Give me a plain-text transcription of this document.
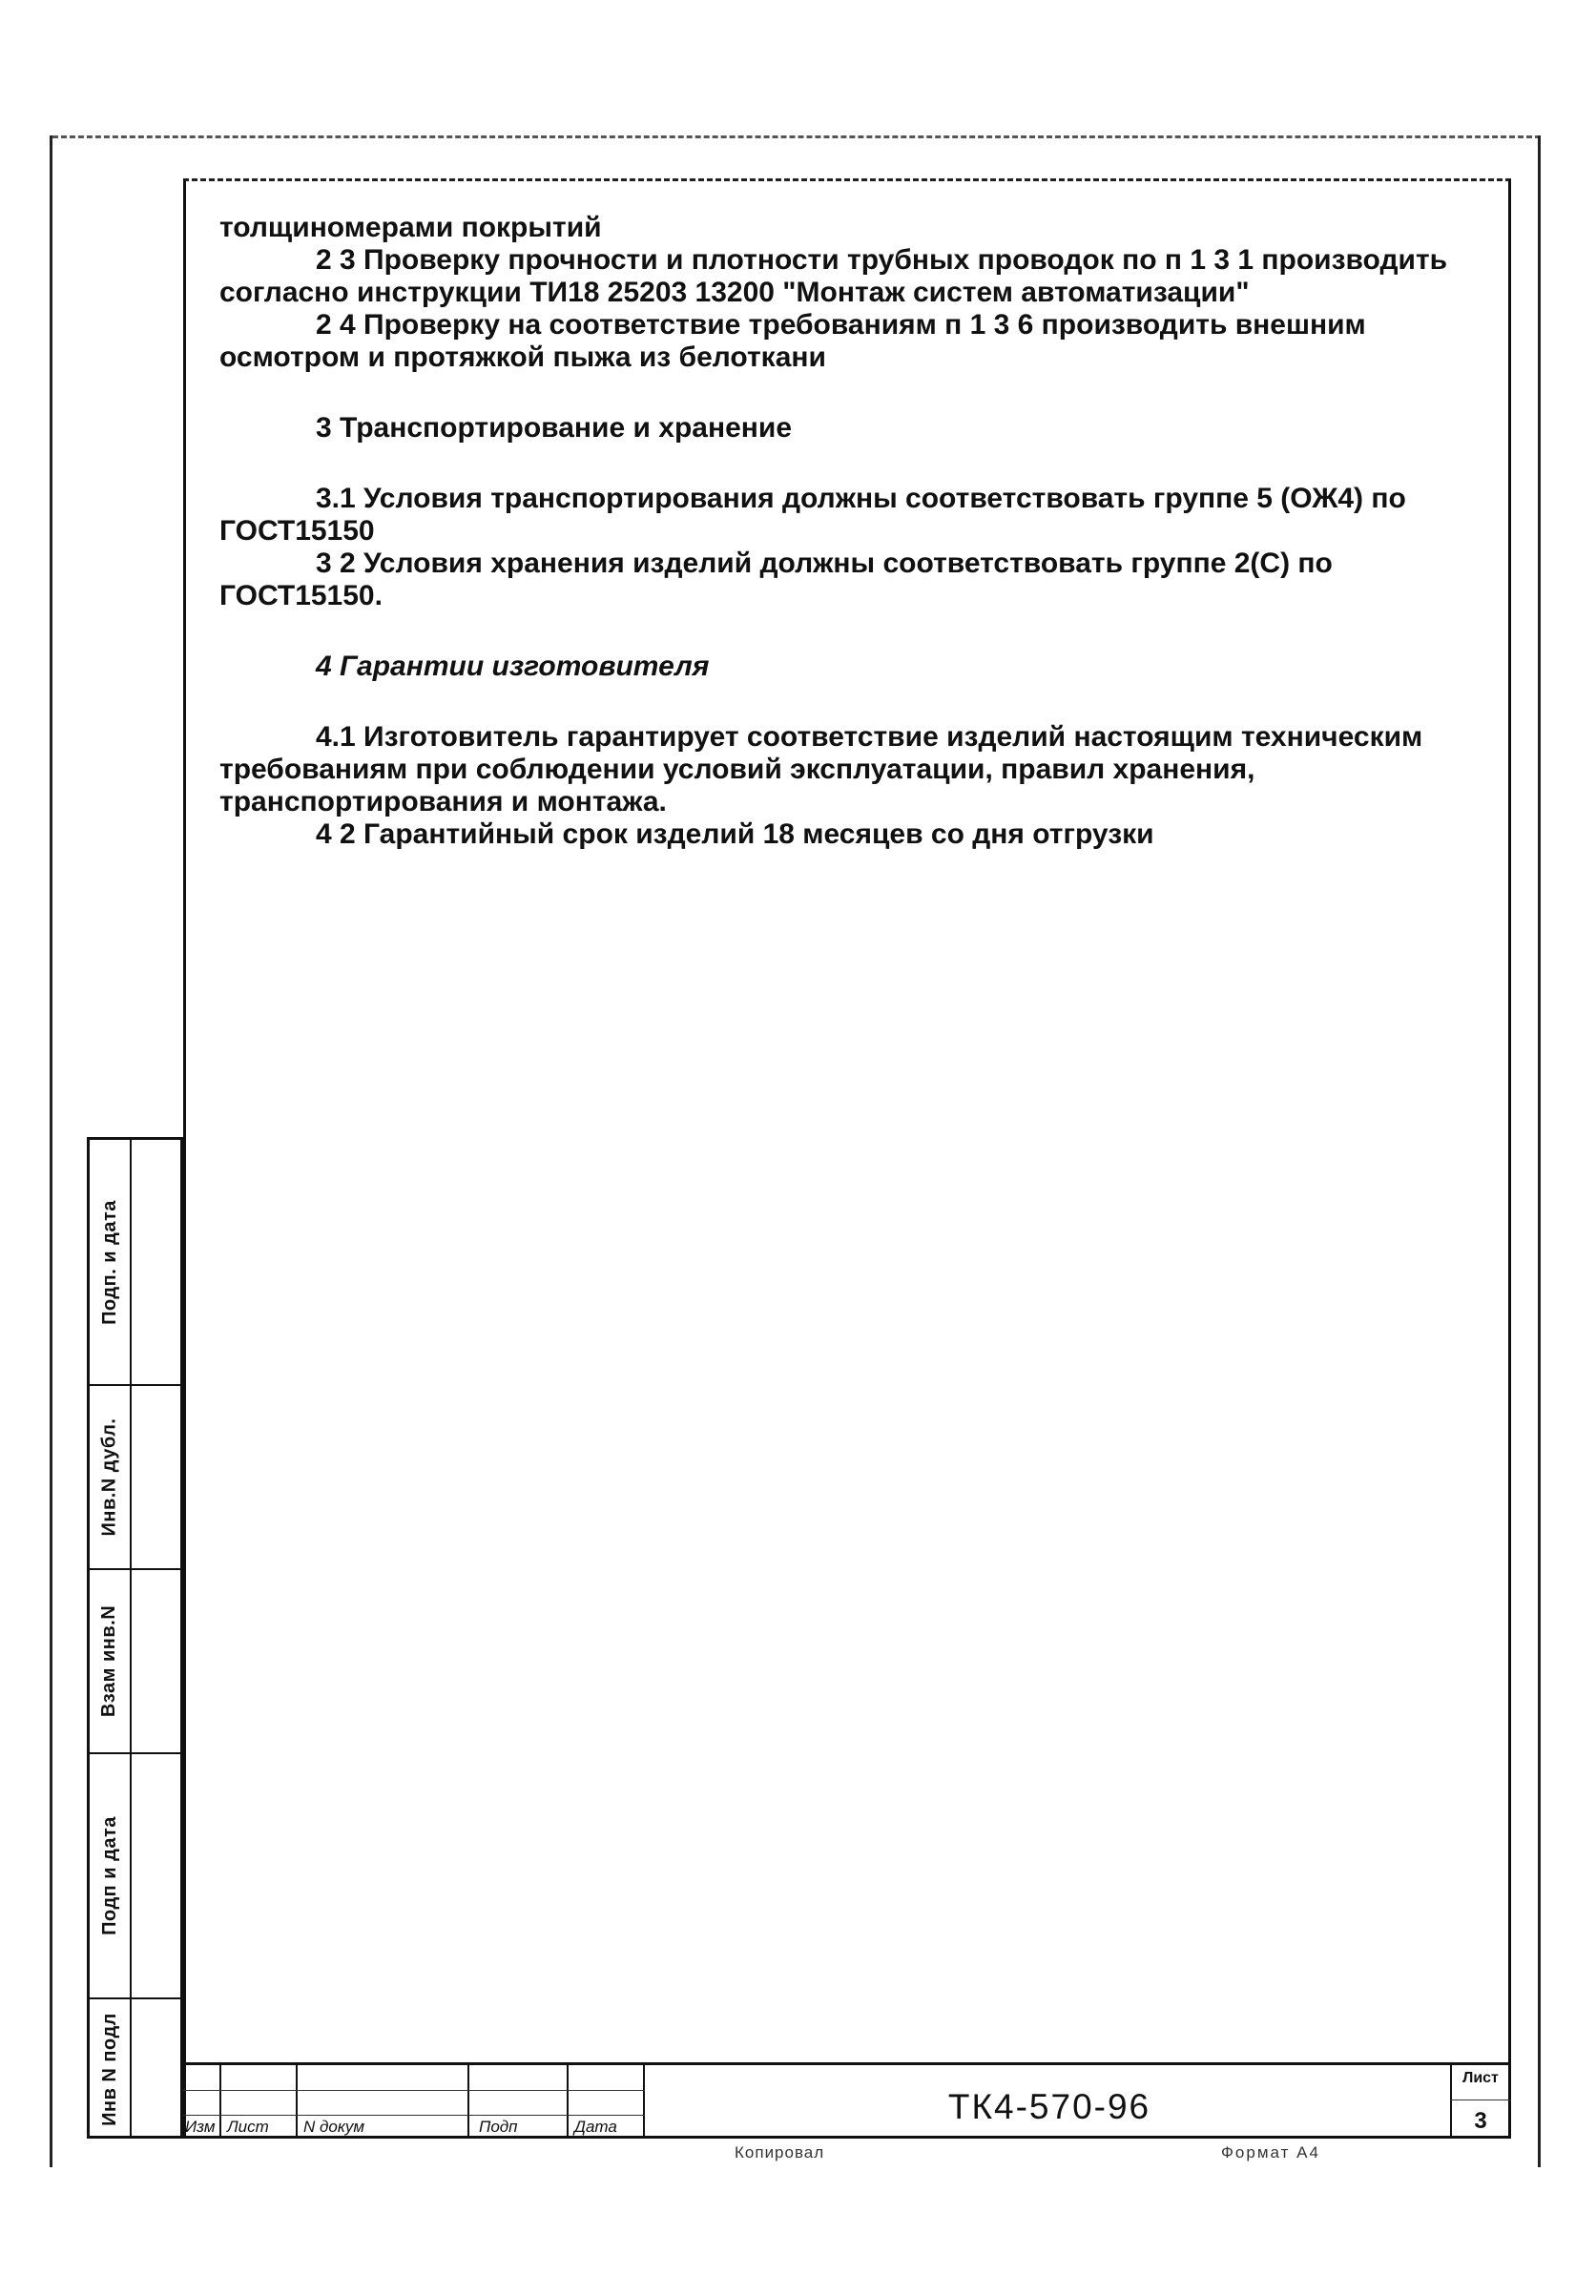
толщиномерами покрытий

2 3 Проверку прочности и плотности трубных проводок по п 1 3 1 производить согласно инструкции ТИ18 25203 13200 "Монтаж систем автоматизации"

2 4 Проверку на соответствие требованиям п 1 3 6 производить внешним осмотром и протяжкой пыжа из белоткани

3 Транспортирование и хранение

3.1 Условия транспортирования должны соответствовать группе 5 (ОЖ4) по ГОСТ15150

3 2 Условия хранения изделий должны соответствовать группе 2(С) по ГОСТ15150.

4 Гарантии изготовителя

4.1 Изготовитель гарантирует соответствие изделий настоящим техническим требованиям при соблюдении условий эксплуатации, правил хранения, транспортирования и монтажа.

4 2 Гарантийный срок изделий 18 месяцев со дня отгрузки

Подп. и дата
Инв.N дубл.
Взам инв.N
Подп и дата
Инв N подл
Изм Лист N докум	Подп	Дата
ТК4-570-96
Лист
3
Копировал	Формат А4
